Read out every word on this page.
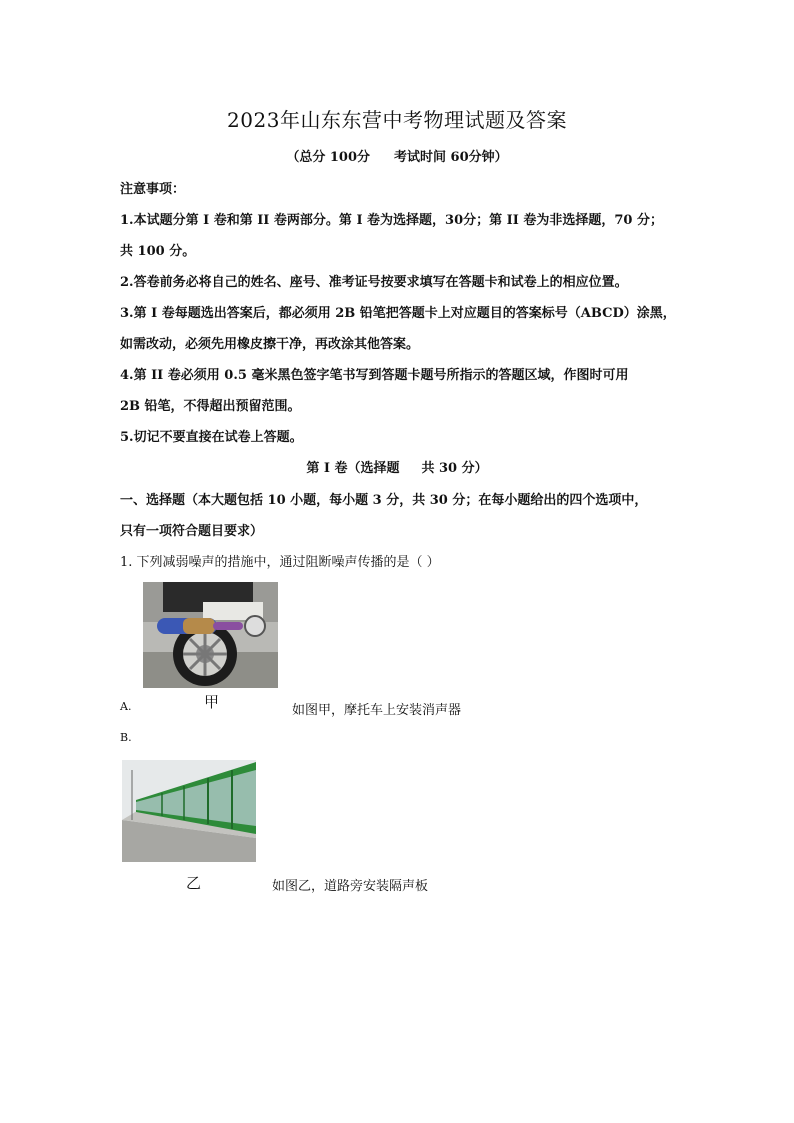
2023年山东东营中考物理试题及答案
（总分 100分 考试时间 60分钟）
注意事项：
1.本试题分第 I 卷和第 II 卷两部分。第 I 卷为选择题，30分；第 II 卷为非选择题，70 分；
共 100 分。
2.答卷前务必将自己的姓名、座号、准考证号按要求填写在答题卡和试卷上的相应位置。
3.第 I 卷每题选出答案后，都必须用 2B 铅笔把答题卡上对应题目的答案标号（ABCD）涂黑，
如需改动，必须先用橡皮擦干净，再改涂其他答案。
4.第 II 卷必须用 0.5 毫米黑色签字笔书写到答题卡题号所指示的答题区域，作图时可用
2B 铅笔，不得超出预留范围。
5.切记不要直接在试卷上答题。
第 I 卷（选择题 共 30 分）
一、选择题（本大题包括 10 小题，每小题 3 分，共 30 分；在每小题给出的四个选项中，
只有一项符合题目要求）
1. 下列减弱噪声的措施中，通过阻断噪声传播的是（ ）
甲
A.	如图甲，摩托车上安装消声器
B.
乙	如图乙，道路旁安装隔声板
